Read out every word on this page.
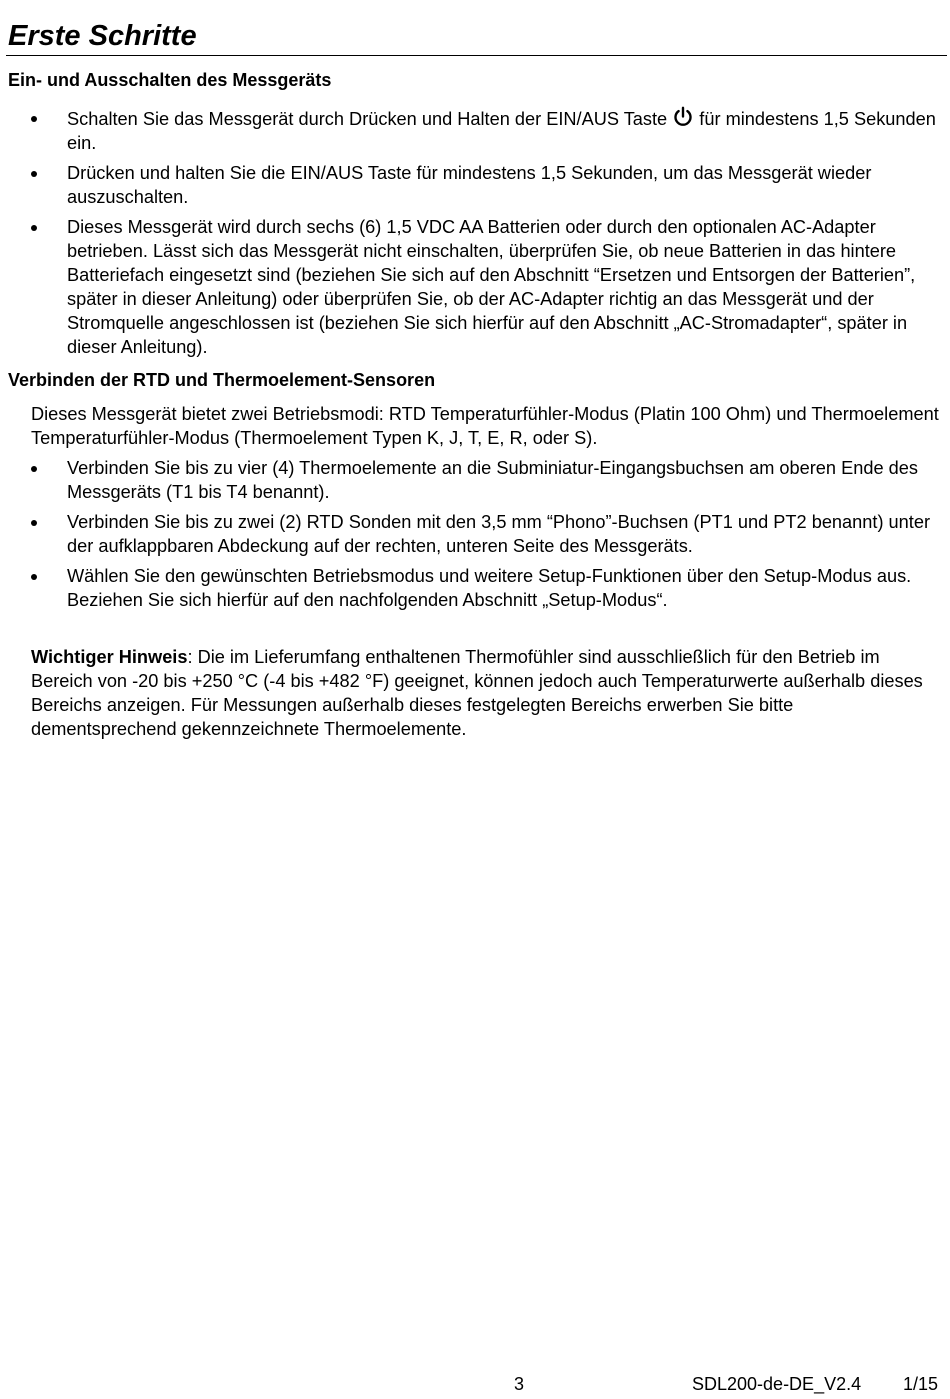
Erste Schritte
Ein- und Ausschalten des Messgeräts
Schalten Sie das Messgerät durch Drücken und Halten der EIN/AUS Taste für mindestens 1,5 Sekunden ein.
Drücken und halten Sie die EIN/AUS Taste für mindestens 1,5 Sekunden, um das Messgerät wieder auszuschalten.
Dieses Messgerät wird durch sechs (6) 1,5 VDC AA Batterien oder durch den optionalen AC-Adapter betrieben. Lässt sich das Messgerät nicht einschalten, überprüfen Sie, ob neue Batterien in das hintere Batteriefach eingesetzt sind (beziehen Sie sich auf den Abschnitt “Ersetzen und Entsorgen der Batterien”, später in dieser Anleitung) oder überprüfen Sie, ob der AC-Adapter richtig an das Messgerät und der Stromquelle angeschlossen ist (beziehen Sie sich hierfür auf den Abschnitt „AC-Stromadapter“, später in dieser Anleitung).
Verbinden der RTD und Thermoelement-Sensoren

Dieses Messgerät bietet zwei Betriebsmodi: RTD Temperaturfühler-Modus (Platin 100 Ohm) und Thermoelement Temperaturfühler-Modus (Thermoelement Typen K, J, T, E, R, oder S).

Verbinden Sie bis zu vier (4) Thermoelemente an die Subminiatur-Eingangsbuchsen am oberen Ende des Messgeräts (T1 bis T4 benannt).
Verbinden Sie bis zu zwei (2) RTD Sonden mit den 3,5 mm “Phono”-Buchsen (PT1 und PT2 benannt) unter der aufklappbaren Abdeckung auf der rechten, unteren Seite des Messgeräts.
Wählen Sie den gewünschten Betriebsmodus und weitere Setup-Funktionen über den Setup-Modus aus. Beziehen Sie sich hierfür auf den nachfolgenden Abschnitt „Setup-Modus“.

Wichtiger Hinweis: Die im Lieferumfang enthaltenen Thermofühler sind ausschließlich für den Betrieb im Bereich von -20 bis +250 °C (-4 bis +482 °F) geeignet, können jedoch auch Temperaturwerte außerhalb dieses Bereichs anzeigen. Für Messungen außerhalb dieses festgelegten Bereichs erwerben Sie bitte dementsprechend gekennzeichnete Thermoelemente.

3	SDL200-de-DE_V2.4 1/15
